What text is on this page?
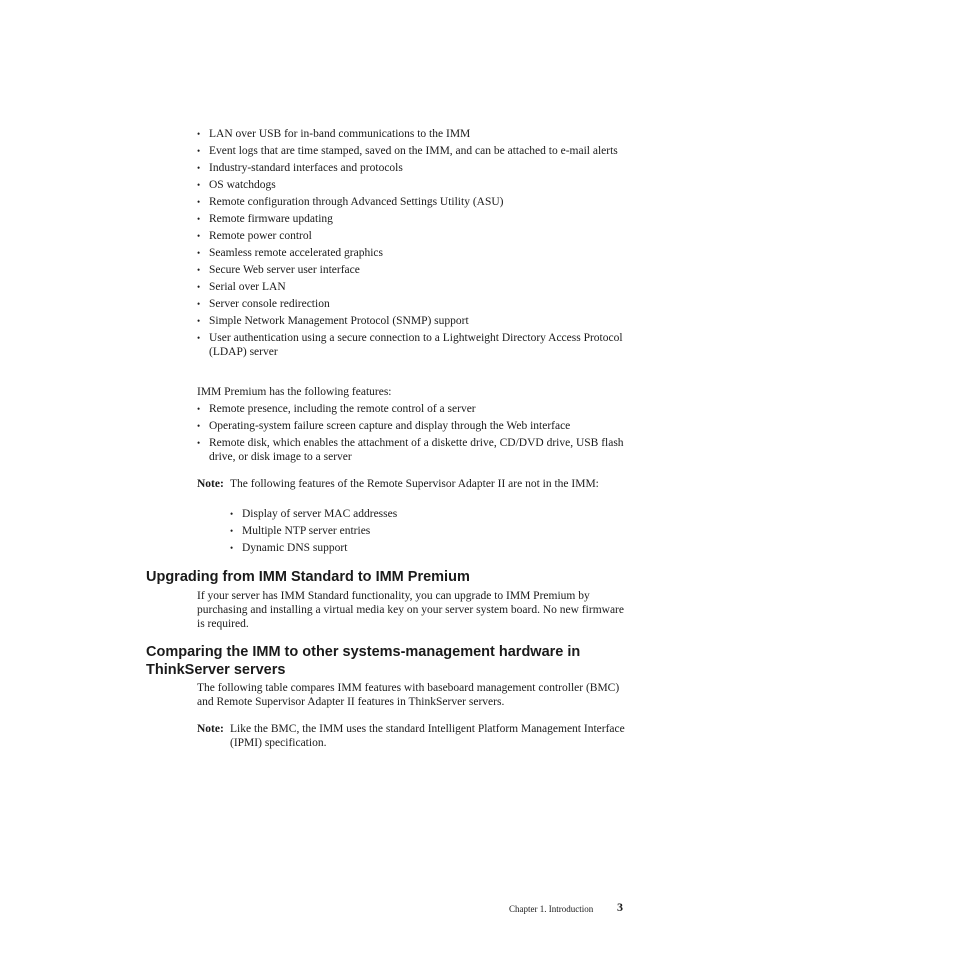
• LAN over USB for in-band communications to the IMM
• Event logs that are time stamped, saved on the IMM, and can be attached to e-mail alerts
• Industry-standard interfaces and protocols
• OS watchdogs
• Remote configuration through Advanced Settings Utility (ASU)
• Remote firmware updating
• Remote power control
• Seamless remote accelerated graphics
• Secure Web server user interface
• Serial over LAN
• Server console redirection
• Simple Network Management Protocol (SNMP) support
• User authentication using a secure connection to a Lightweight Directory Access Protocol (LDAP) server

IMM Premium has the following features:

• Remote presence, including the remote control of a server
• Operating-system failure screen capture and display through the Web interface
• Remote disk, which enables the attachment of a diskette drive, CD/DVD drive, USB flash drive, or disk image to a server
Note: The following features of the Remote Supervisor Adapter II are not in the IMM:
• Display of server MAC addresses
• Multiple NTP server entries
• Dynamic DNS support
Upgrading from IMM Standard to IMM Premium

If your server has IMM Standard functionality, you can upgrade to IMM Premium by purchasing and installing a virtual media key on your server system board. No new firmware is required.

Comparing the IMM to other systems-management hardware in ThinkServer servers

The following table compares IMM features with baseboard management controller (BMC) and Remote Supervisor Adapter II features in ThinkServer servers.

Note: Like the BMC, the IMM uses the standard Intelligent Platform Management Interface (IPMI) specification.
Chapter 1. Introduction 3
